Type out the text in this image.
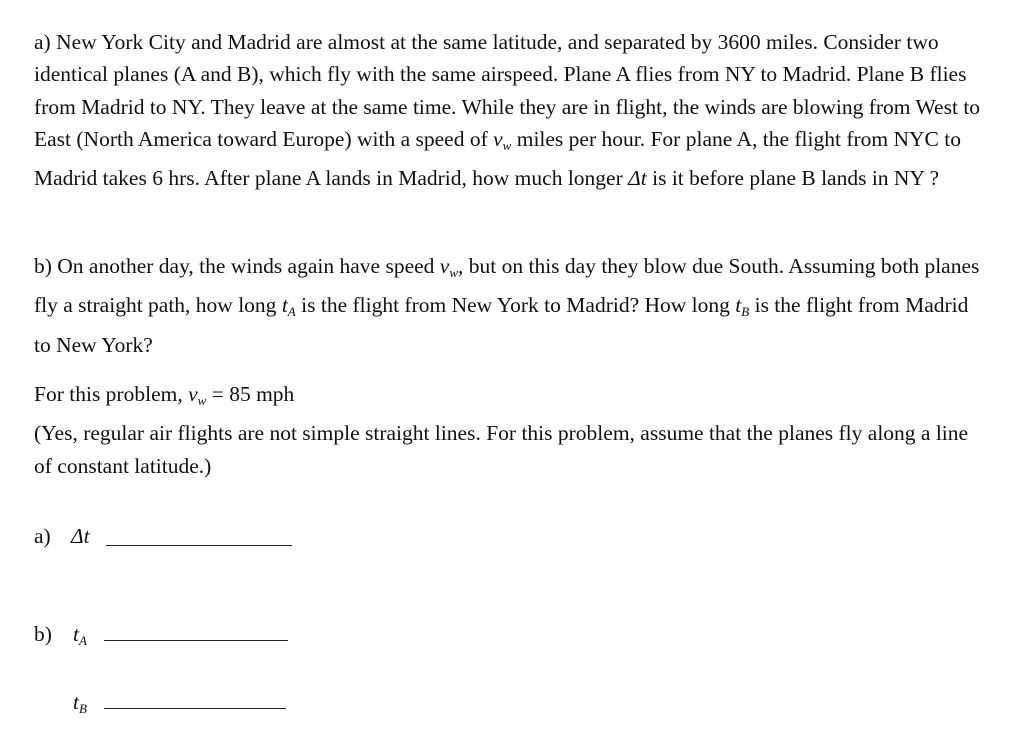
a) New York City and Madrid are almost at the same latitude, and separated by 3600 miles. Consider two identical planes (A and B), which fly with the same airspeed. Plane A flies from NY to Madrid. Plane B flies from Madrid to NY. They leave at the same time. While they are in flight, the winds are blowing from West to East (North America toward Europe) with a speed of $v_w$ miles per hour. For plane A, the flight from NYC to Madrid takes 6 hrs. After plane A lands in Madrid, how much longer Δt is it before plane B lands in NY ?

b) On another day, the winds again have speed $v_w$, but on this day they blow due South. Assuming both planes fly a straight path, how long $t_A$ is the flight from New York to Madrid? How long $t_B$ is the flight from Madrid to New York?

For this problem, $v_w = 85$ mph
(Yes, regular air flights are not simple straight lines. For this problem, assume that the planes fly along a line of constant latitude.)
a) Δt
b) $t_A$
$t_B$
